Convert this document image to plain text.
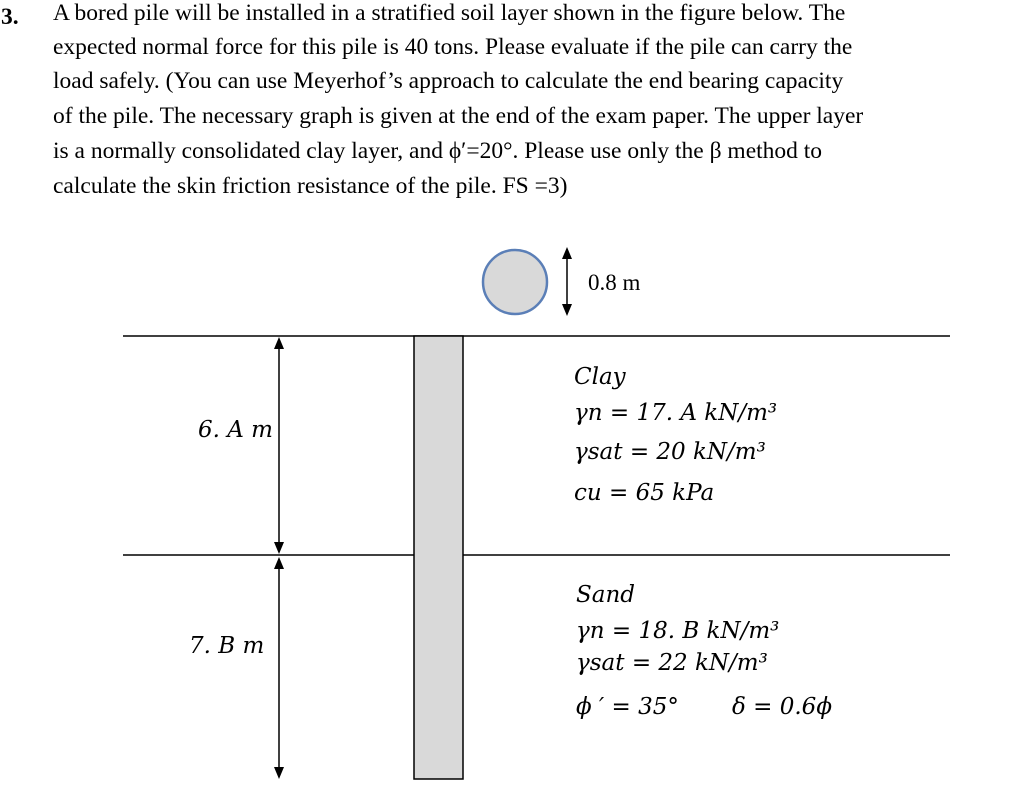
3. A bored pile will be installed in a stratified soil layer shown in the figure below. The
expected normal force for this pile is 40 tons. Please evaluate if the pile can carry the
load safely. (You can use Meyerhof’s approach to calculate the end bearing capacity
of the pile. The necessary graph is given at the end of the exam paper. The upper layer
is a normally consolidated clay layer, and ϕ′=20°. Please use only the β method to
calculate the skin friction resistance of the pile. FS =3)
0.8 m
6. A m
7. B m
Clay
γn = 17. A kN/m³
γsat = 20 kN/m³
cu = 65 kPa
Sand
γn = 18. B kN/m³
γsat = 22 kN/m³
ϕ ′ = 35° δ = 0.6ϕ
